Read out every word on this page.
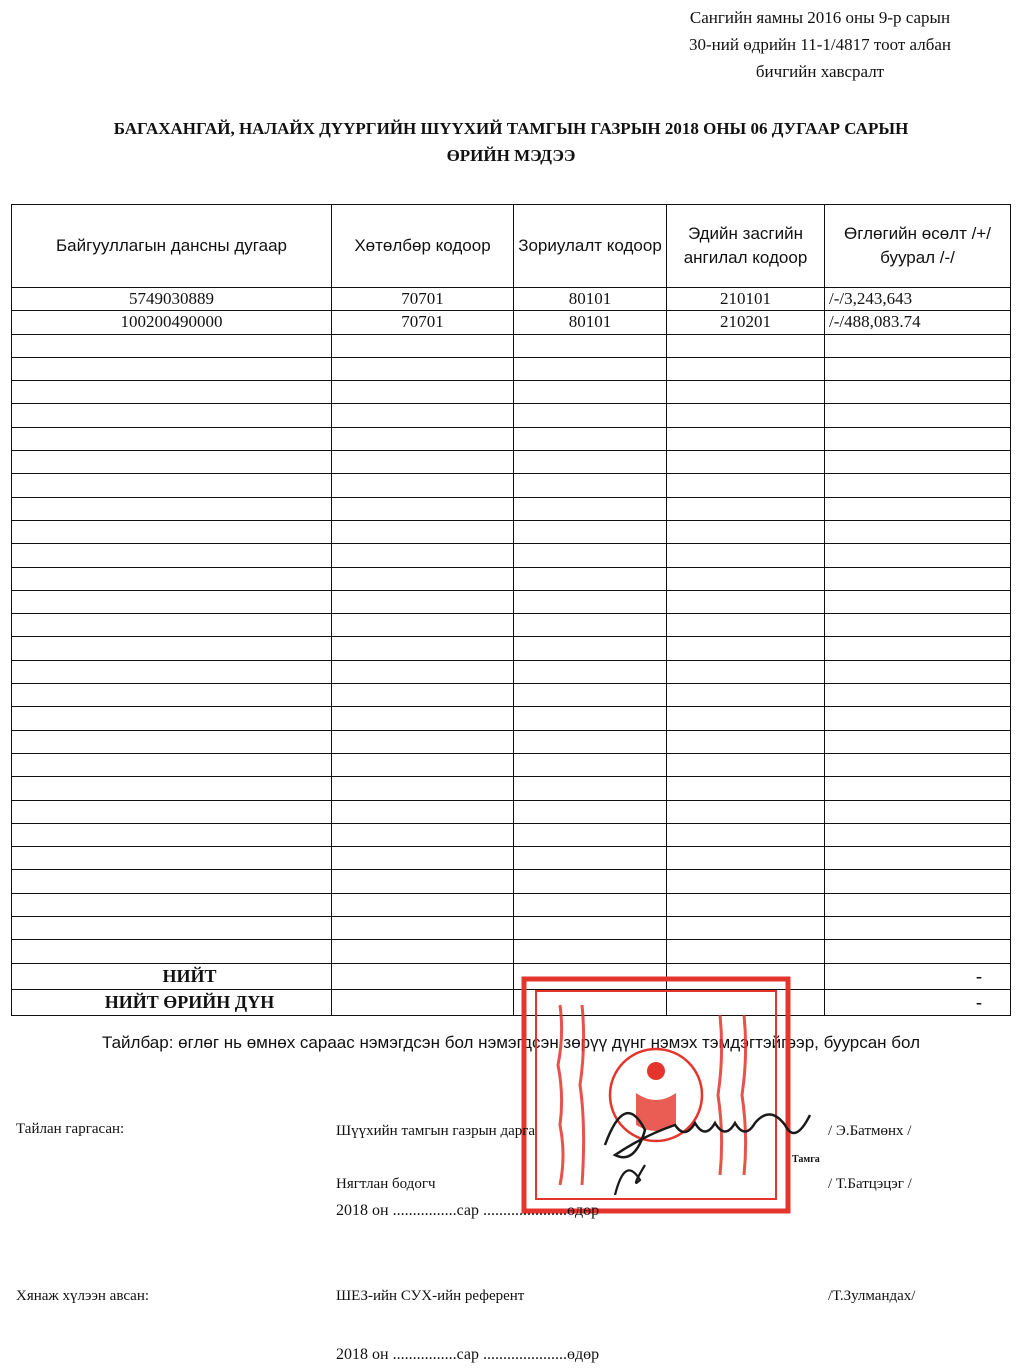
Сангийн яамны 2016 оны 9-р сарын
30-ний өдрийн 11-1/4817 тоот албан
бичгийн хавсралт
БАГАХАНГАЙ, НАЛАЙХ ДҮҮРГИЙН ШҮҮХИЙ ТАМГЫН ГАЗРЫН 2018 ОНЫ 06 ДУГААР САРЫН
ӨРИЙН МЭДЭЭ
Байгууллагын дансны дугаар	Хөтөлбөр кодоор	Зориулалт кодоор	Эдийн засгийн ангилал кодоор	Өглөгийн өсөлт /+/ буурал /-/
5749030889	70701	80101	210101	/-/3,243,643
100200490000	70701	80101	210201	/-/488,083.74

НИЙТ				-
НИЙТ ӨРИЙН ДҮН				-
Тайлбар: өглөг нь өмнөх сараас нэмэгдсэн бол нэмэгдсэн зөрүү дүнг нэмэх тэмдэгтэйгээр, буурсан бол
Тайлан гаргасан:	Шүүхийн тамгын газрын дарга	/ Э.Батмөнх /
Тамга
Нягтлан бодогч	/ Т.Батцэцэг /
2018 он ................сар .....................өдөр
Хянаж хүлээн авсан:	ШЕЗ-ийн СУХ-ийн референт	/Т.Зулмандах/
2018 он ................сар .....................өдөр
